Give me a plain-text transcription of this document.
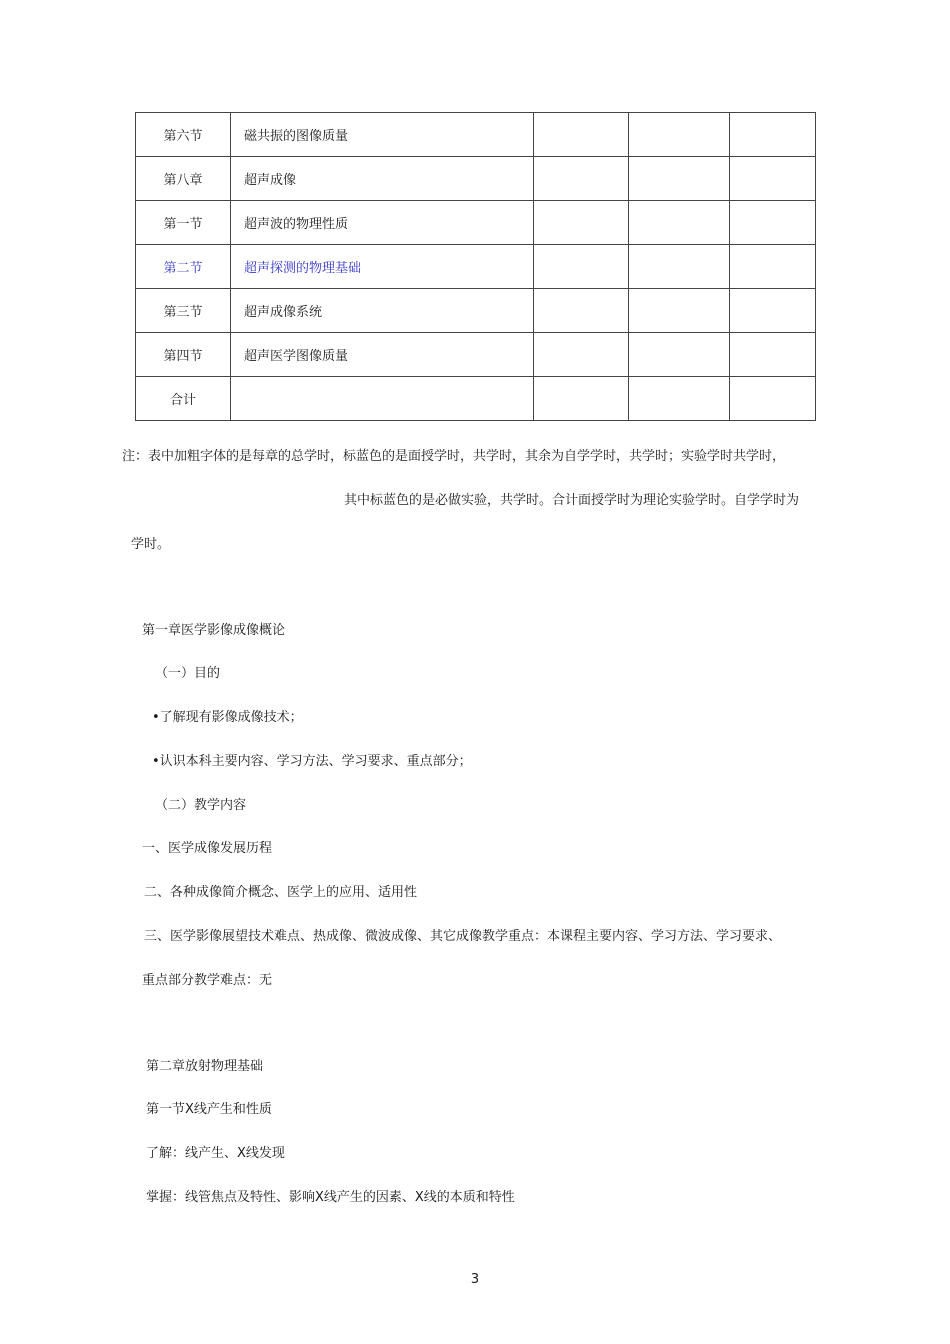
第六节	磁共振的图像质量			
第八章	超声成像			
第一节	超声波的物理性质			
第二节	超声探测的物理基础			
第三节	超声成像系统			
第四节	超声医学图像质量			
合计				
注：表中加粗字体的是每章的总学时，标蓝色的是面授学时，共学时，其余为自学学时，共学时；实验学时共学时，
其中标蓝色的是必做实验，共学时。合计面授学时为理论实验学时。自学学时为
学时。
第一章医学影像成像概论
（一）目的
•了解现有影像成像技术；
•认识本科主要内容、学习方法、学习要求、重点部分；
（二）教学内容
一、医学成像发展历程
二、各种成像简介概念、医学上的应用、适用性
三、医学影像展望技术难点、热成像、微波成像、其它成像教学重点：本课程主要内容、学习方法、学习要求、
重点部分教学难点：无
第二章放射物理基础
第一节X线产生和性质
了解：线产生、X线发现
掌握：线管焦点及特性、影响X线产生的因素、X线的本质和特性
3
